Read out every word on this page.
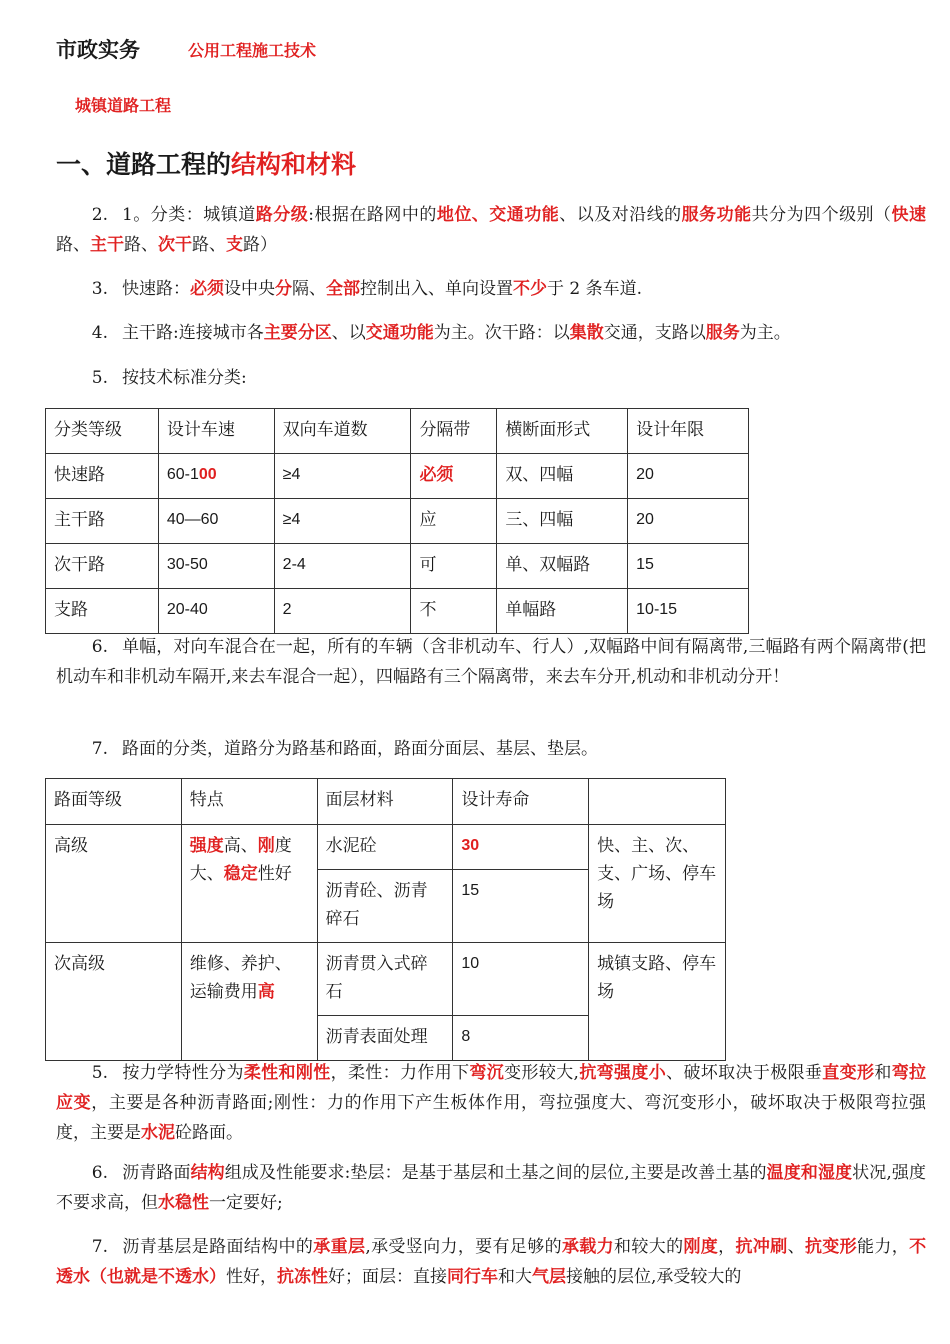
市政实务	公用工程施工技术
城镇道路工程
一、道路工程的结构和材料
2. 1。分类：城镇道路分级:根据在路网中的地位、交通功能、以及对沿线的服务功能共分为四个级别（快速路、主干路、次干路、支路）
3. 快速路：必须设中央分隔、全部控制出入、单向设置不少于 2 条车道.
4. 主干路:连接城市各主要分区、以交通功能为主。次干路：以集散交通，支路以服务为主。
5. 按技术标准分类:
分类等级	设计车速	双向车道数	分隔带	横断面形式	设计年限
快速路	60-100	≥4	必须	双、四幅	20
主干路	40—60	≥4	应	三、四幅	20
次干路	30-50	2-4	可	单、双幅路	15
支路	20-40	2	不	单幅路	10-15
6. 单幅，对向车混合在一起，所有的车辆（含非机动车、行人）,双幅路中间有隔离带,三幅路有两个隔离带(把机动车和非机动车隔开,来去车混合一起），四幅路有三个隔离带，来去车分开,机动和非机动分开！
7. 路面的分类，道路分为路基和路面，路面分面层、基层、垫层。
路面等级	特点	面层材料	设计寿命	
高级	强度高、刚度大、稳定性好	水泥砼	30	快、主、次、支、广场、停车场
		沥青砼、沥青碎石	15	
次高级	维修、养护、运输费用高	沥青贯入式碎石	10	城镇支路、停车场
		沥青表面处理	8	
5. 按力学特性分为柔性和刚性，柔性：力作用下弯沉变形较大,抗弯强度小、破坏取决于极限垂直变形和弯拉应变，主要是各种沥青路面;刚性：力的作用下产生板体作用，弯拉强度大、弯沉变形小，破坏取决于极限弯拉强度，主要是水泥砼路面。
6. 沥青路面结构组成及性能要求:垫层：是基于基层和土基之间的层位,主要是改善土基的温度和湿度状况,强度不要求高，但水稳性一定要好;
7. 沥青基层是路面结构中的承重层,承受竖向力，要有足够的承载力和较大的刚度，抗冲刷、抗变形能力，不透水（也就是不透水）性好，抗冻性好；面层：直接同行车和大气层接触的层位,承受较大的
